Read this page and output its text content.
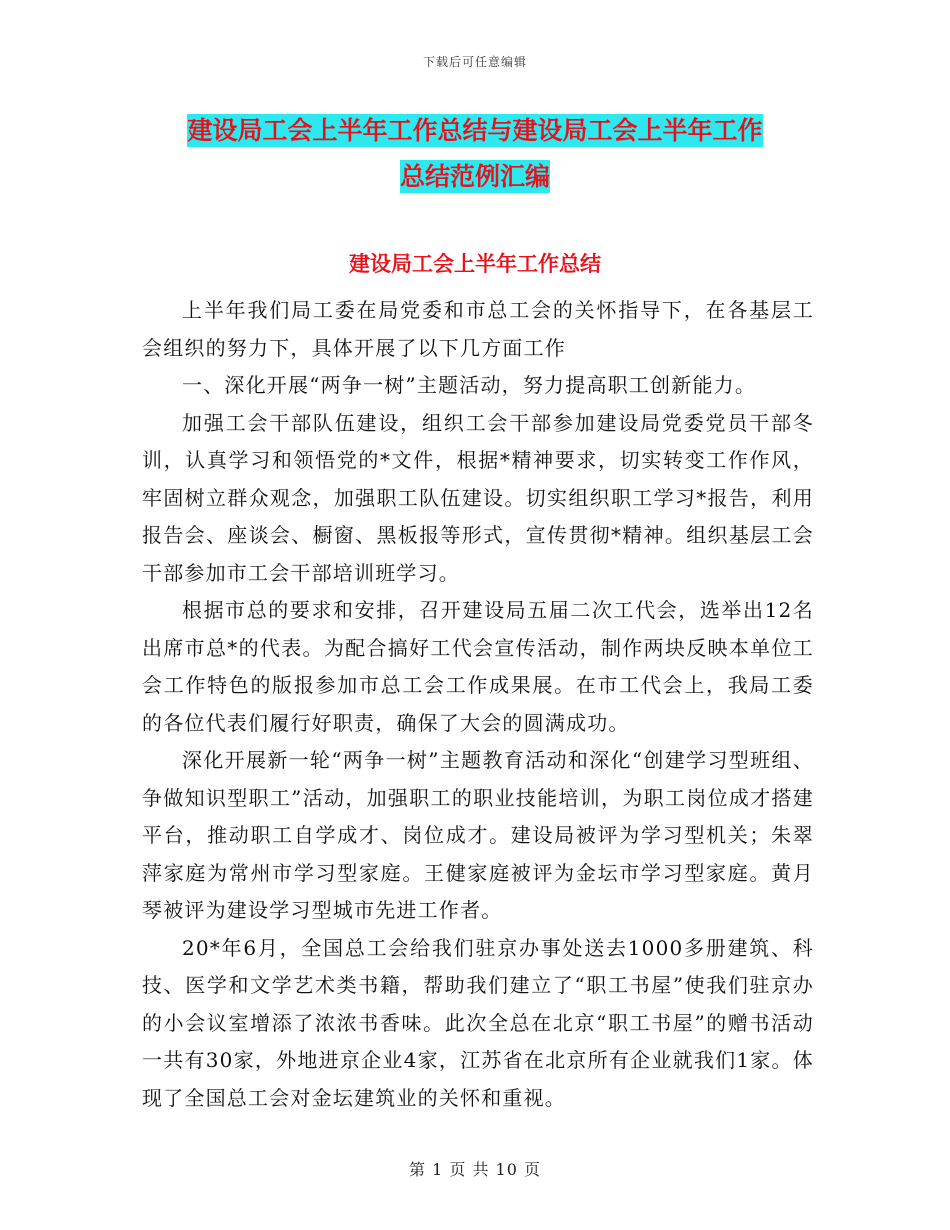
下载后可任意编辑
建设局工会上半年工作总结与建设局工会上半年工作
总结范例汇编
建设局工会上半年工作总结

上半年我们局工委在局党委和市总工会的关怀指导下，在各基层工会组织的努力下，具体开展了以下几方面工作

一、深化开展“两争一树”主题活动，努力提高职工创新能力。

加强工会干部队伍建设，组织工会干部参加建设局党委党员干部冬训，认真学习和领悟党的*文件，根据*精神要求，切实转变工作作风，牢固树立群众观念，加强职工队伍建设。切实组织职工学习*报告，利用报告会、座谈会、橱窗、黑板报等形式，宣传贯彻*精神。组织基层工会干部参加市工会干部培训班学习。

根据市总的要求和安排，召开建设局五届二次工代会，选举出12名出席市总*的代表。为配合搞好工代会宣传活动，制作两块反映本单位工会工作特色的版报参加市总工会工作成果展。在市工代会上，我局工委的各位代表们履行好职责，确保了大会的圆满成功。

深化开展新一轮“两争一树”主题教育活动和深化“创建学习型班组、争做知识型职工”活动，加强职工的职业技能培训，为职工岗位成才搭建平台，推动职工自学成才、岗位成才。建设局被评为学习型机关；朱翠萍家庭为常州市学习型家庭。王健家庭被评为金坛市学习型家庭。黄月琴被评为建设学习型城市先进工作者。

20*年6月，全国总工会给我们驻京办事处送去1000多册建筑、科技、医学和文学艺术类书籍，帮助我们建立了“职工书屋”使我们驻京办的小会议室增添了浓浓书香味。此次全总在北京“职工书屋”的赠书活动一共有30家，外地进京企业4家，江苏省在北京所有企业就我们1家。体现了全国总工会对金坛建筑业的关怀和重视。

第 1 页 共 10 页
